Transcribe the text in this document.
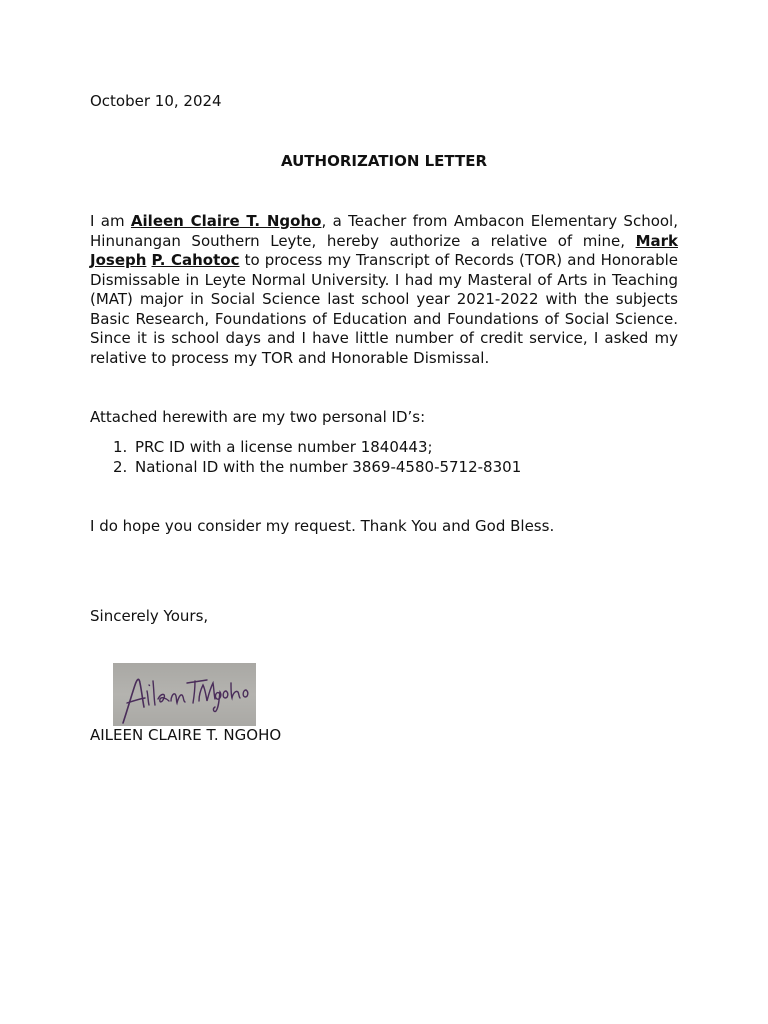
October 10, 2024
AUTHORIZATION LETTER

I am Aileen Claire T. Ngoho, a Teacher from Ambacon Elementary School, Hinunangan Southern Leyte, hereby authorize a relative of mine, Mark Joseph P. Cahotoc to process my Transcript of Records (TOR) and Honorable Dismissable in Leyte Normal University. I had my Masteral of Arts in Teaching (MAT) major in Social Science last school year 2021-2022 with the subjects Basic Research, Foundations of Education and Foundations of Social Science. Since it is school days and I have little number of credit service, I asked my relative to process my TOR and Honorable Dismissal.

Attached herewith are my two personal ID’s:
1. PRC ID with a license number 1840443;
2. National ID with the number 3869-4580-5712-8301
I do hope you consider my request. Thank You and God Bless.
Sincerely Yours,
AILEEN CLAIRE T. NGOHO
